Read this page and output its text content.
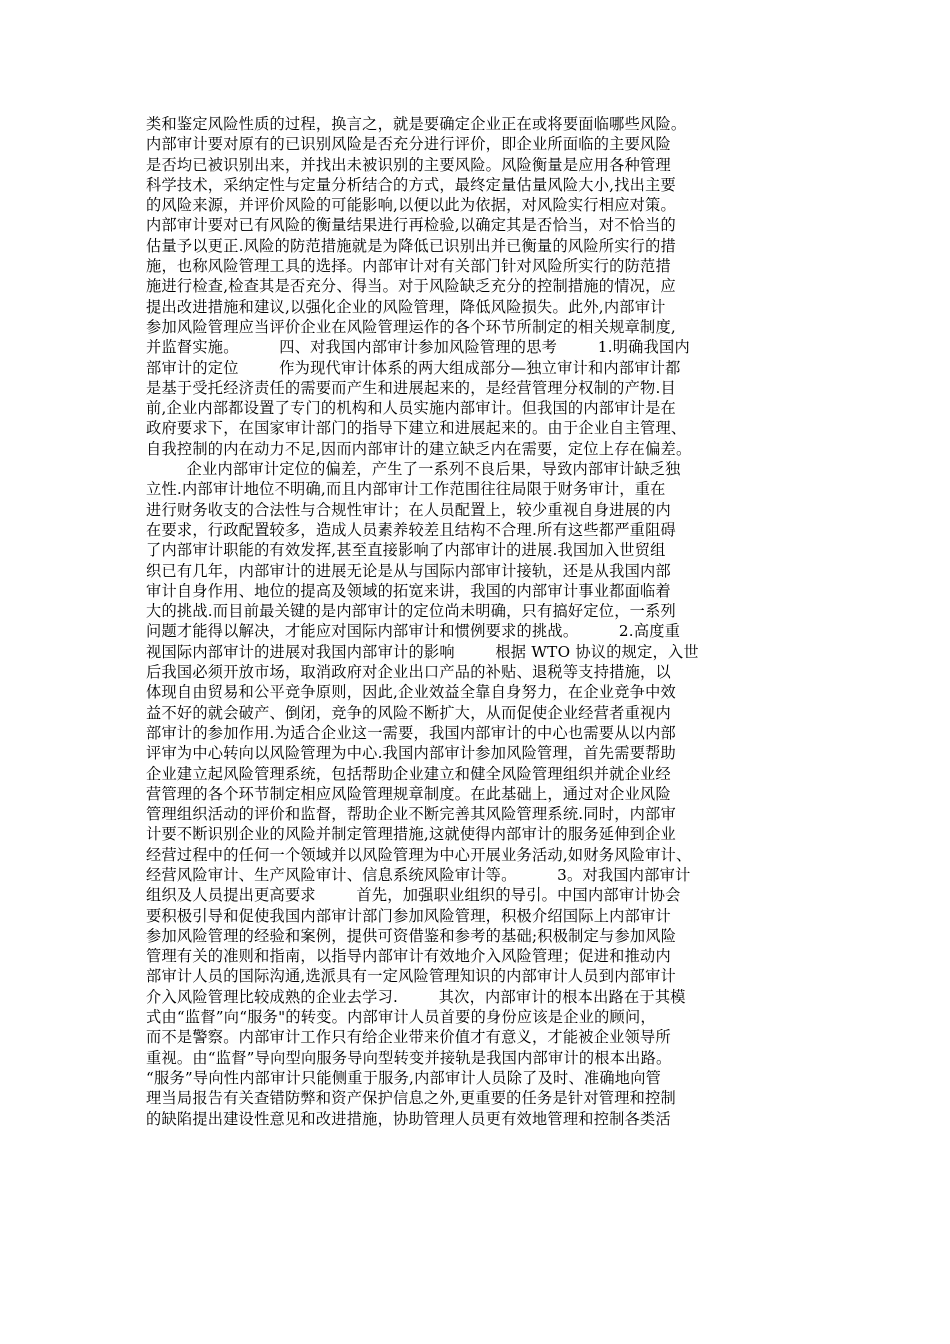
类和鉴定风险性质的过程，换言之，就是要确定企业正在或将要面临哪些风险。
内部审计要对原有的已识别风险是否充分进行评价，即企业所面临的主要风险
是否均已被识别出来，并找出未被识别的主要风险。风险衡量是应用各种管理
科学技术，采纳定性与定量分析结合的方式，最终定量估量风险大小,找出主要
的风险来源，并评价风险的可能影响,以便以此为依据，对风险实行相应对策。
内部审计要对已有风险的衡量结果进行再检验,以确定其是否恰当，对不恰当的
估量予以更正.风险的防范措施就是为降低已识别出并已衡量的风险所实行的措
施，也称风险管理工具的选择。内部审计对有关部门针对风险所实行的防范措
施进行检查,检查其是否充分、得当。对于风险缺乏充分的控制措施的情况，应
提出改进措施和建议,以强化企业的风险管理，降低风险损失。此外,内部审计
参加风险管理应当评价企业在风险管理运作的各个环节所制定的相关规章制度,
并监督实施。        四、对我国内部审计参加风险管理的思考        1.明确我国内
部审计的定位        作为现代审计体系的两大组成部分—独立审计和内部审计都
是基于受托经济责任的需要而产生和进展起来的，是经营管理分权制的产物.目
前,企业内部都设置了专门的机构和人员实施内部审计。但我国的内部审计是在
政府要求下，在国家审计部门的指导下建立和进展起来的。由于企业自主管理、
自我控制的内在动力不足,因而内部审计的建立缺乏内在需要，定位上存在偏差。
企业内部审计定位的偏差，产生了一系列不良后果，导致内部审计缺乏独
立性.内部审计地位不明确,而且内部审计工作范围往往局限于财务审计，重在
进行财务收支的合法性与合规性审计；在人员配置上，较少重视自身进展的内
在要求，行政配置较多，造成人员素养较差且结构不合理.所有这些都严重阻碍
了内部审计职能的有效发挥,甚至直接影响了内部审计的进展.我国加入世贸组
织已有几年，内部审计的进展无论是从与国际内部审计接轨，还是从我国内部
审计自身作用、地位的提高及领域的拓宽来讲，我国的内部审计事业都面临着
大的挑战.而目前最关键的是内部审计的定位尚未明确，只有搞好定位，一系列
问题才能得以解决，才能应对国际内部审计和惯例要求的挑战。        2.高度重
视国际内部审计的进展对我国内部审计的影响        根据 WTO 协议的规定，入世
后我国必须开放市场，取消政府对企业出口产品的补贴、退税等支持措施，以
体现自由贸易和公平竞争原则，因此,企业效益全靠自身努力，在企业竞争中效
益不好的就会破产、倒闭，竞争的风险不断扩大，从而促使企业经营者重视内
部审计的参加作用.为适合企业这一需要，我国内部审计的中心也需要从以内部
评审为中心转向以风险管理为中心.我国内部审计参加风险管理，首先需要帮助
企业建立起风险管理系统，包括帮助企业建立和健全风险管理组织并就企业经
营管理的各个环节制定相应风险管理规章制度。在此基础上，通过对企业风险
管理组织活动的评价和监督，帮助企业不断完善其风险管理系统.同时，内部审
计要不断识别企业的风险并制定管理措施,这就使得内部审计的服务延伸到企业
经营过程中的任何一个领域并以风险管理为中心开展业务活动,如财务风险审计、
经营风险审计、生产风险审计、信息系统风险审计等。        3。对我国内部审计
组织及人员提出更高要求        首先，加强职业组织的导引。中国内部审计协会
要积极引导和促使我国内部审计部门参加风险管理，积极介绍国际上内部审计
参加风险管理的经验和案例，提供可资借鉴和参考的基础;积极制定与参加风险
管理有关的准则和指南，以指导内部审计有效地介入风险管理；促进和推动内
部审计人员的国际沟通,选派具有一定风险管理知识的内部审计人员到内部审计
介入风险管理比较成熟的企业去学习.        其次，内部审计的根本出路在于其模
式由“监督”向“服务"的转变。内部审计人员首要的身份应该是企业的顾问，
而不是警察。内部审计工作只有给企业带来价值才有意义，才能被企业领导所
重视。由“监督”导向型向服务导向型转变并接轨是我国内部审计的根本出路。
“服务”导向性内部审计只能侧重于服务,内部审计人员除了及时、准确地向管
理当局报告有关查错防弊和资产保护信息之外,更重要的任务是针对管理和控制
的缺陷提出建设性意见和改进措施，协助管理人员更有效地管理和控制各类活
